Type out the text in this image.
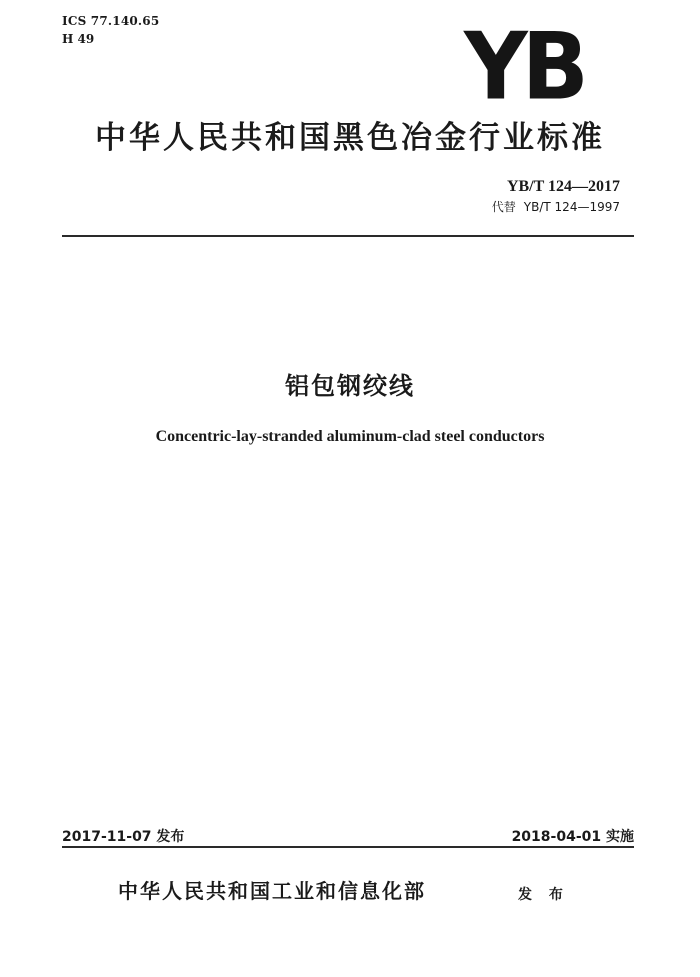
ICS 77.140.65
H 49	YB
中华人民共和国黑色冶金行业标准
YB/T 124—2017
代替 YB/T 124—1997
铝包钢绞线
Concentric-lay-stranded aluminum-clad steel conductors
2017-11-07 发布	2018-04-01 实施
中华人民共和国工业和信息化部	发 布
